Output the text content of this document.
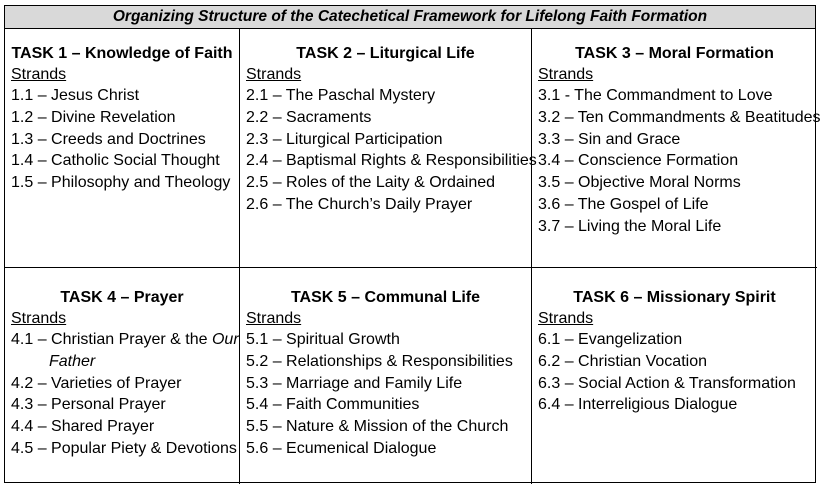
Organizing Structure of the Catechetical Framework for Lifelong Faith Formation
TASK 1 – Knowledge of Faith
Strands
1.1 – Jesus Christ
1.2 – Divine Revelation
1.3 – Creeds and Doctrines
1.4 – Catholic Social Thought
1.5 – Philosophy and Theology
TASK 2 – Liturgical Life
Strands
2.1 – The Paschal Mystery
2.2 – Sacraments
2.3 – Liturgical Participation
2.4 – Baptismal Rights & Responsibilities
2.5 – Roles of the Laity & Ordained
2.6 – The Church’s Daily Prayer
TASK 3 – Moral Formation
Strands
3.1 - The Commandment to Love
3.2 – Ten Commandments & Beatitudes
3.3 – Sin and Grace
3.4 – Conscience Formation
3.5 – Objective Moral Norms
3.6 – The Gospel of Life
3.7 – Living the Moral Life
TASK 4 – Prayer
Strands
4.1 – Christian Prayer & the Our
Father
4.2 – Varieties of Prayer
4.3 – Personal Prayer
4.4 – Shared Prayer
4.5 – Popular Piety & Devotions
TASK 5 – Communal Life
Strands
5.1 – Spiritual Growth
5.2 – Relationships & Responsibilities
5.3 – Marriage and Family Life
5.4 – Faith Communities
5.5 – Nature & Mission of the Church
5.6 – Ecumenical Dialogue
TASK 6 – Missionary Spirit
Strands
6.1 – Evangelization
6.2 – Christian Vocation
6.3 – Social Action & Transformation
6.4 – Interreligious Dialogue
